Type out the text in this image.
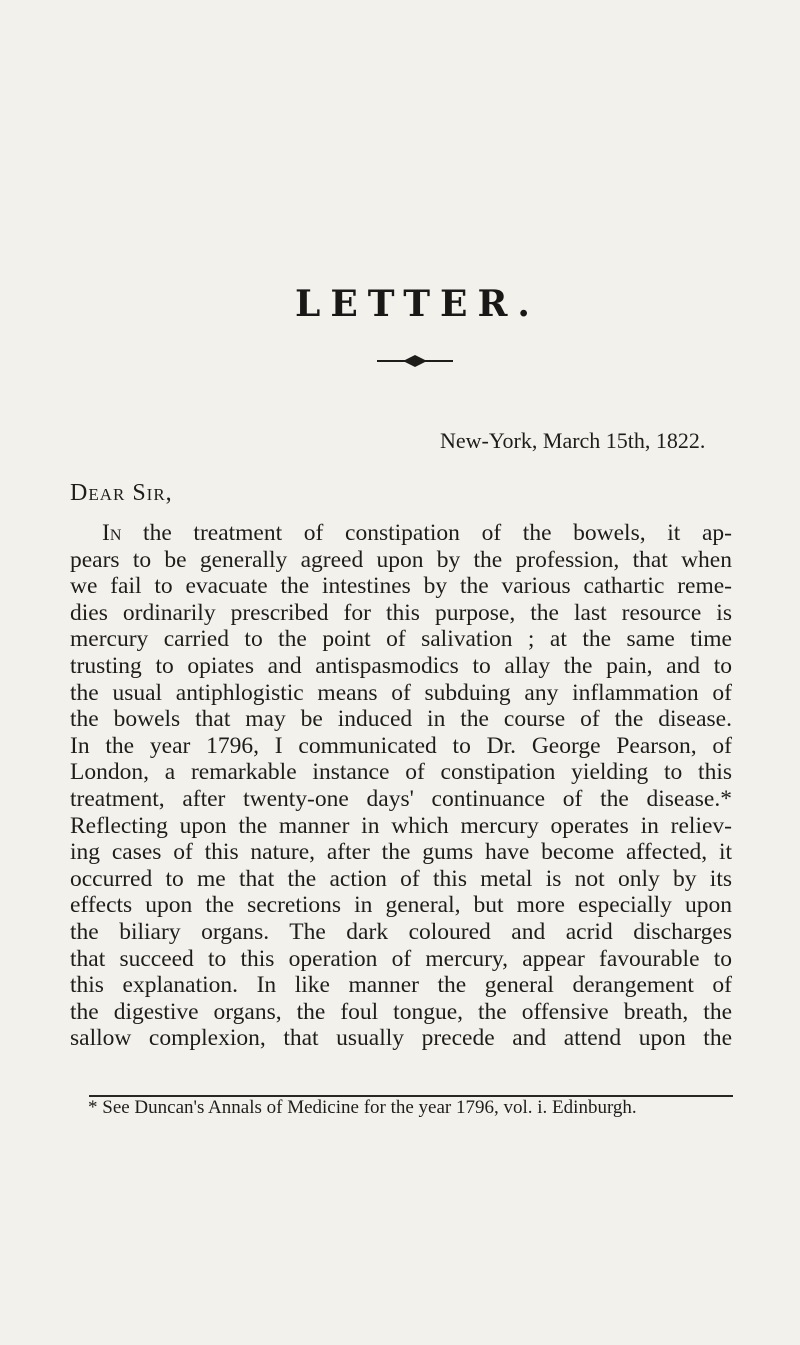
LETTER.
New-York, March 15th, 1822.
Dear Sir,
In the treatment of constipation of the bowels, it ap-
pears to be generally agreed upon by the profession, that when
we fail to evacuate the intestines by the various cathartic reme-
dies ordinarily prescribed for this purpose, the last resource is
mercury carried to the point of salivation ; at the same time
trusting to opiates and antispasmodics to allay the pain, and to
the usual antiphlogistic means of subduing any inflammation of
the bowels that may be induced in the course of the disease.
In the year 1796, I communicated to Dr. George Pearson, of
London, a remarkable instance of constipation yielding to this
treatment, after twenty-one days' continuance of the disease.*
Reflecting upon the manner in which mercury operates in reliev-
ing cases of this nature, after the gums have become affected, it
occurred to me that the action of this metal is not only by its
effects upon the secretions in general, but more especially upon
the biliary organs. The dark coloured and acrid discharges
that succeed to this operation of mercury, appear favourable to
this explanation. In like manner the general derangement of
the digestive organs, the foul tongue, the offensive breath, the
sallow complexion, that usually precede and attend upon the
* See Duncan's Annals of Medicine for the year 1796, vol. i. Edinburgh.
